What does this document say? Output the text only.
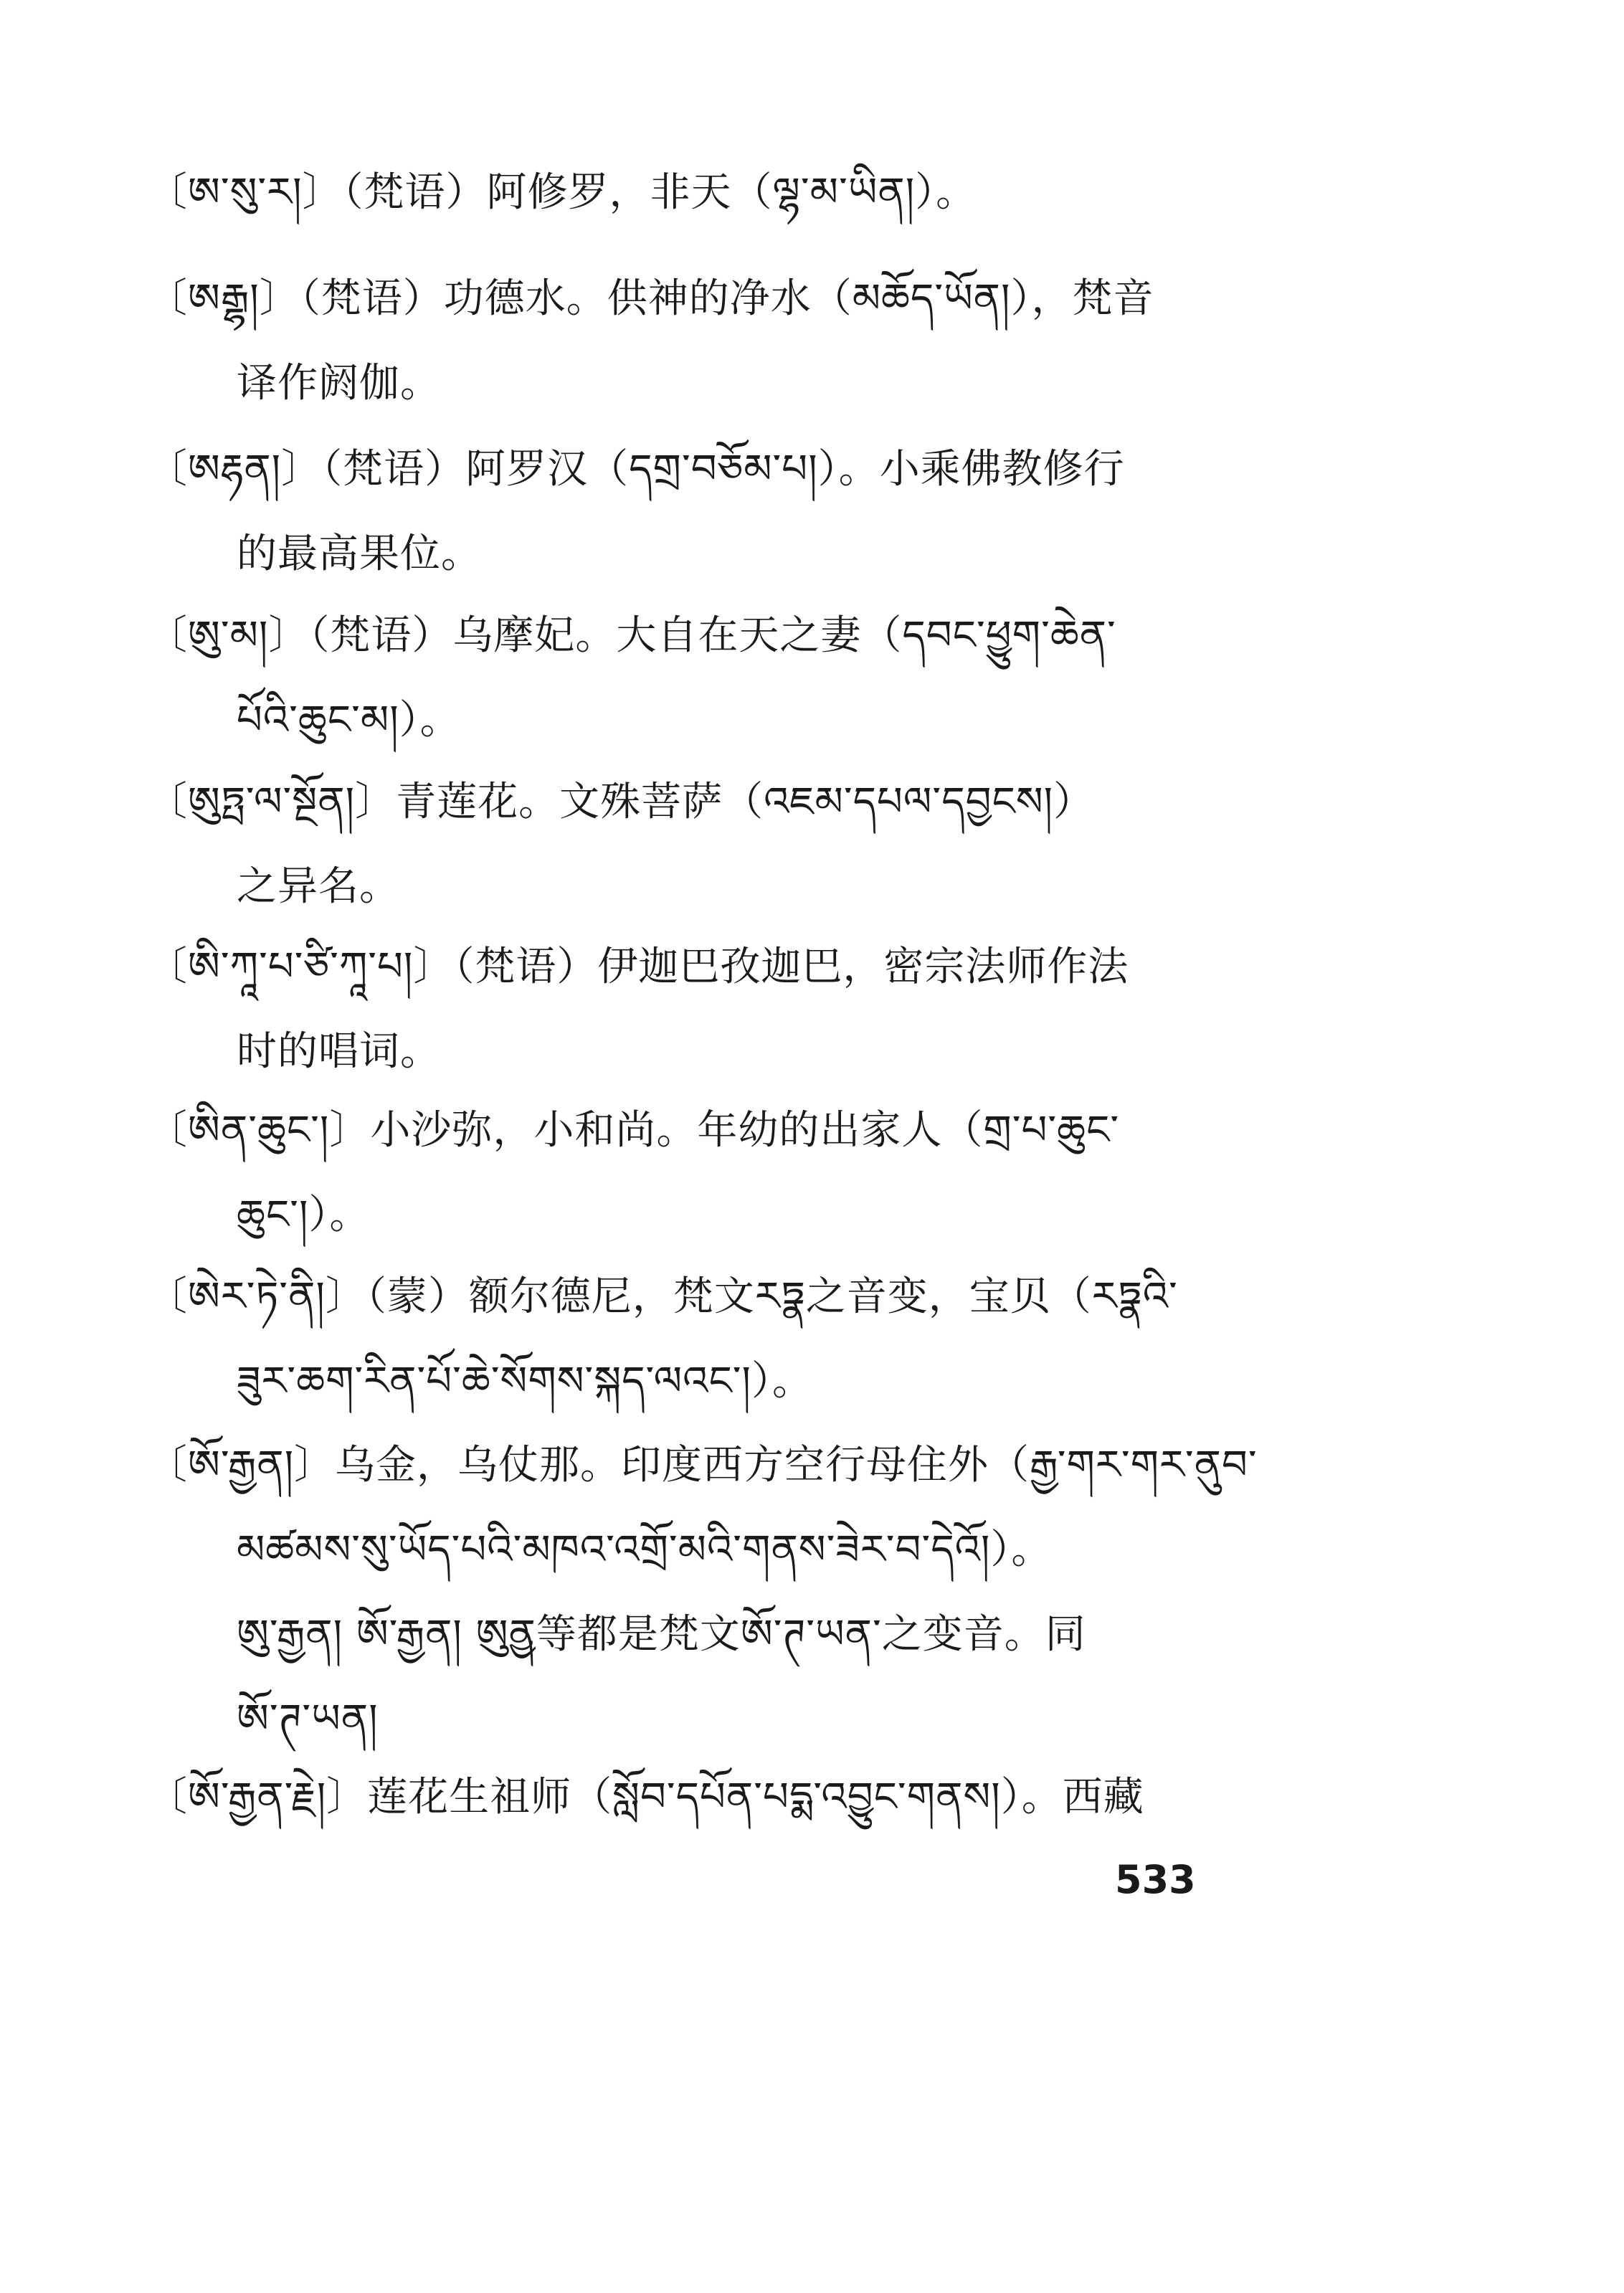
〔ཨ་སུ་ར།〕（梵语）阿修罗，非天（ལྷ་མ་ཡིན།）。
〔ཨརྒྷ།〕（梵语）功德水。供神的净水（མཆོད་ཡོན།），梵音
译作阏伽。
〔ཨརྷན།〕（梵语）阿罗汉（དགྲ་བཅོམ་པ།）。小乘佛教修行
的最高果位。
〔ཨུ་མ།〕（梵语）乌摩妃。大自在天之妻（དབང་ཕྱུག་ཆེན་
པོའི་ཆུང་མ།）。
〔ཨུཏྤ་ལ་སྔོན།〕青莲花。文殊菩萨（འཇམ་དཔལ་དབྱངས།）
之异名。
〔ཨི་ཀཱ་པ་ཙི་ཀཱ་པ།〕（梵语）伊迦巴孜迦巴，密宗法师作法
时的唱词。
〔ཨིན་ཆུང་།〕小沙弥，小和尚。年幼的出家人（གྲ་པ་ཆུང་
ཆུང་།）。
〔ཨེར་ཏེ་ནི།〕（蒙）额尔德尼，梵文རཏྣ之音变，宝贝（རཏྣའི་
ཟུར་ཆག་རིན་པོ་ཆེ་སོགས་སྐད་ལའང་།）。
〔ཨོ་རྒྱན།〕乌金，乌仗那。印度西方空行母住外（རྒྱ་གར་གར་ནུབ་
མཚམས་སུ་ཡོད་པའི་མཁའ་འགྲོ་མའི་གནས་ཟེར་བ་དེའོ།）。
ཨུ་རྒྱན། ཨོ་རྒྱན། ཨུྱན等都是梵文ཨོ་ཊ་ཡན་之变音。同
ཨོ་ཊ་ཡན།
〔ཨོ་རྒྱན་རྗེ།〕莲花生祖师（སློབ་དཔོན་པདྨ་འབྱུང་གནས།）。西藏
533
